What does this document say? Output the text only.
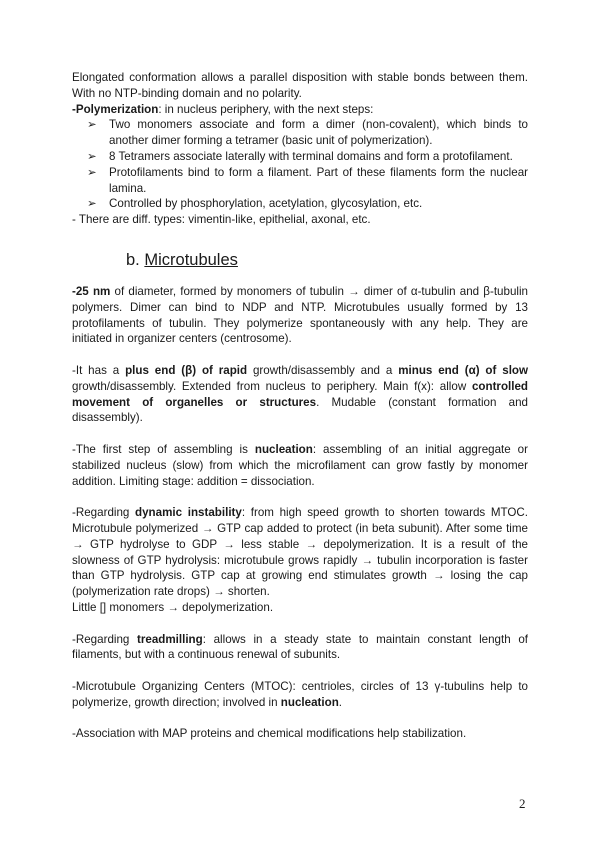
Elongated conformation allows a parallel disposition with stable bonds between them. With no NTP-binding domain and no polarity.

-Polymerization: in nucleus periphery, with the next steps:

➢ Two monomers associate and form a dimer (non-covalent), which binds to another dimer forming a tetramer (basic unit of polymerization).
➢ 8 Tetramers associate laterally with terminal domains and form a protofilament.
➢ Protofilaments bind to form a filament. Part of these filaments form the nuclear lamina.
➢ Controlled by phosphorylation, acetylation, glycosylation, etc.

- There are diff. types: vimentin-like, epithelial, axonal, etc.

b. Microtubules

-25 nm of diameter, formed by monomers of tubulin → dimer of α-tubulin and β-tubulin polymers. Dimer can bind to NDP and NTP. Microtubules usually formed by 13 protofilaments of tubulin. They polymerize spontaneously with any help. They are initiated in organizer centers (centrosome).

-It has a plus end (β) of rapid growth/disassembly and a minus end (α) of slow growth/disassembly. Extended from nucleus to periphery. Main f(x): allow controlled movement of organelles or structures. Mudable (constant formation and disassembly).

-The first step of assembling is nucleation: assembling of an initial aggregate or stabilized nucleus (slow) from which the microfilament can grow fastly by monomer addition. Limiting stage: addition = dissociation.

-Regarding dynamic instability: from high speed growth to shorten towards MTOC. Microtubule polymerized → GTP cap added to protect (in beta subunit). After some time → GTP hydrolyse to GDP → less stable → depolymerization. It is a result of the slowness of GTP hydrolysis: microtubule grows rapidly → tubulin incorporation is faster than GTP hydrolysis. GTP cap at growing end stimulates growth → losing the cap (polymerization rate drops) → shorten.

Little [] monomers → depolymerization.

-Regarding treadmilling: allows in a steady state to maintain constant length of filaments, but with a continuous renewal of subunits.

-Microtubule Organizing Centers (MTOC): centrioles, circles of 13 γ-tubulins help to polymerize, growth direction; involved in nucleation.

-Association with MAP proteins and chemical modifications help stabilization.

2
